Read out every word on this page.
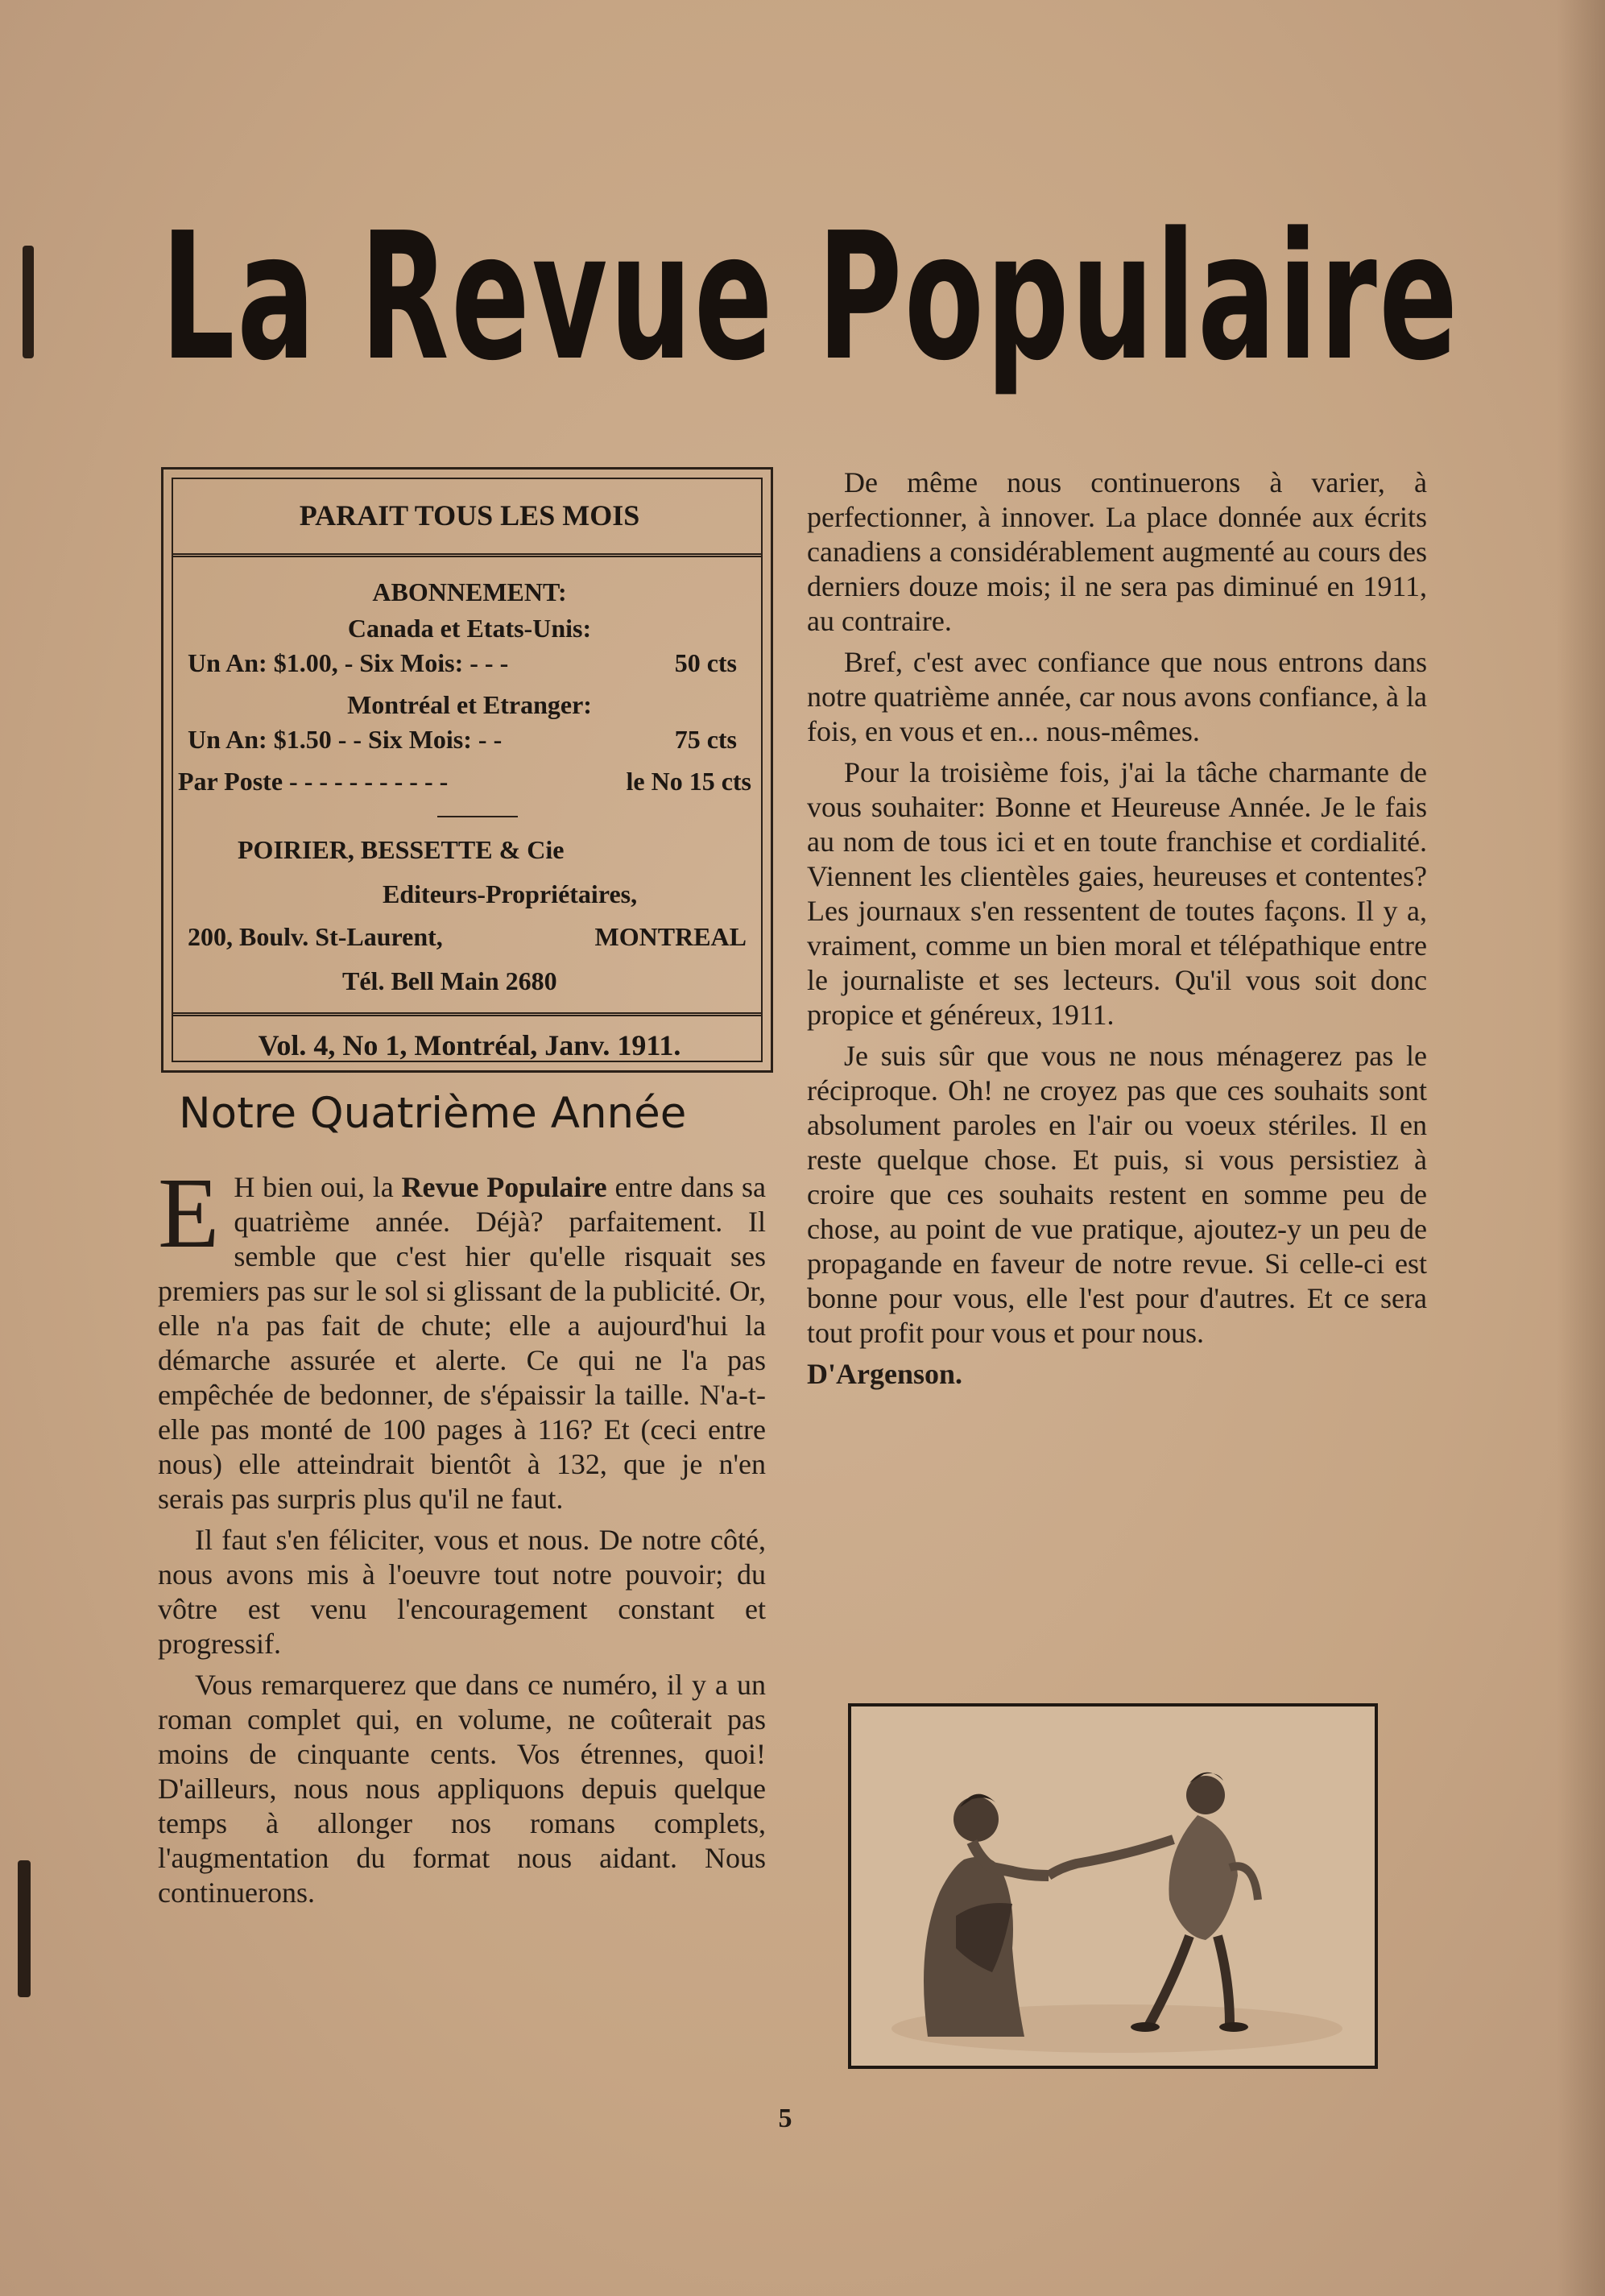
La Revue Populaire
PARAIT TOUS LES MOIS
ABONNEMENT:
Canada et Etats-Unis:
Un An: $1.00, - Six Mois: - - -	50 cts
Montréal et Etranger:
Un An: $1.50 - - Six Mois: - -	75 cts
Par Poste - - - - - - - - - - -	le No 15 cts
POIRIER, BESSETTE & Cie
Editeurs-Propriétaires,
200, Boulv. St-Laurent,	MONTREAL
Tél. Bell Main 2680
Vol. 4, No 1, Montréal, Janv. 1911.
Notre Quatrième Année

E H bien oui, la Revue Populaire entre dans sa quatrième année. Déjà? parfaitement. Il semble que c'est hier qu'elle risquait ses premiers pas sur le sol si glissant de la publicité. Or, elle n'a pas fait de chute; elle a aujourd'hui la démarche assurée et alerte. Ce qui ne l'a pas empêchée de bedonner, de s'épaissir la taille. N'a-t-elle pas monté de 100 pages à 116? Et (ceci entre nous) elle atteindrait bientôt à 132, que je n'en serais pas surpris plus qu'il ne faut.

Il faut s'en féliciter, vous et nous. De notre côté, nous avons mis à l'oeuvre tout notre pouvoir; du vôtre est venu l'encouragement constant et progressif.

Vous remarquerez que dans ce numéro, il y a un roman complet qui, en volume, ne coûterait pas moins de cinquante cents. Vos étrennes, quoi! D'ailleurs, nous nous appliquons depuis quelque temps à allonger nos romans complets, l'augmentation du format nous aidant. Nous continuerons.

De même nous continuerons à varier, à perfectionner, à innover. La place donnée aux écrits canadiens a considérablement augmenté au cours des derniers douze mois; il ne sera pas diminué en 1911, au contraire.

Bref, c'est avec confiance que nous entrons dans notre quatrième année, car nous avons confiance, à la fois, en vous et en... nous-mêmes.

Pour la troisième fois, j'ai la tâche charmante de vous souhaiter: Bonne et Heureuse Année. Je le fais au nom de tous ici et en toute franchise et cordialité. Viennent les clientèles gaies, heureuses et contentes? Les journaux s'en ressentent de toutes façons. Il y a, vraiment, comme un bien moral et télépathique entre le journaliste et ses lecteurs. Qu'il vous soit donc propice et généreux, 1911.

Je suis sûr que vous ne nous ménagerez pas le réciproque. Oh! ne croyez pas que ces souhaits sont absolument paroles en l'air ou voeux stériles. Il en reste quelque chose. Et puis, si vous persistiez à croire que ces souhaits restent en somme peu de chose, au point de vue pratique, ajoutez-y un peu de propagande en faveur de notre revue. Si celle-ci est bonne pour vous, elle l'est pour d'autres. Et ce sera tout profit pour vous et pour nous.

D'Argenson.

5
